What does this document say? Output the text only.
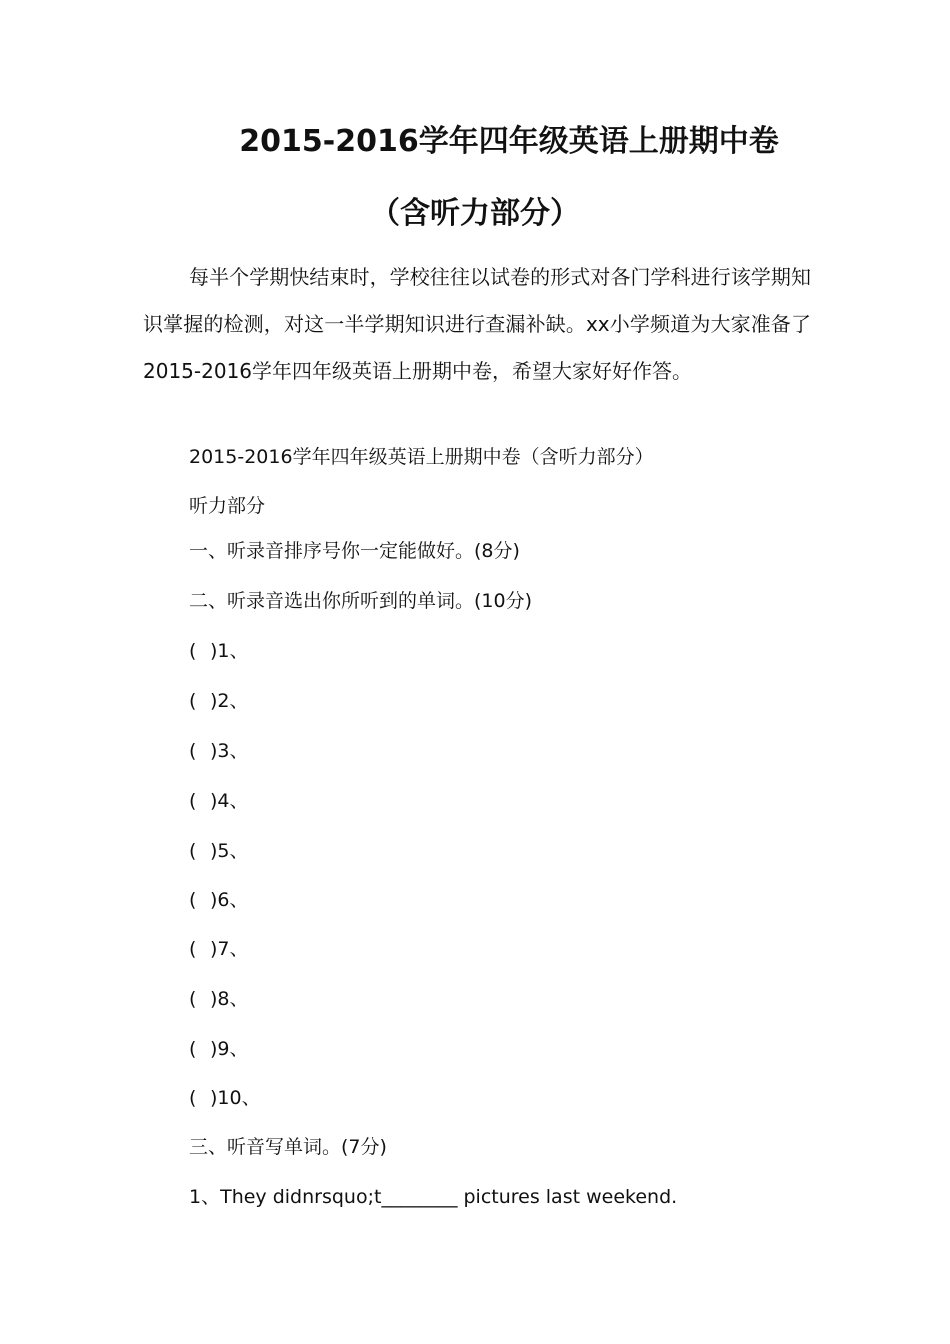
2015-2016学年四年级英语上册期中卷
（含听力部分）

每半个学期快结束时，学校往往以试卷的形式对各门学科进行该学期知识掌握的检测，对这一半学期知识进行查漏补缺。xx小学频道为大家准备了2015-2016学年四年级英语上册期中卷，希望大家好好作答。

2015-2016学年四年级英语上册期中卷（含听力部分）

听力部分

一、听录音排序号你一定能做好。(8分)

二、听录音选出你所听到的单词。(10分)

( )1、

( )2、

( )3、

( )4、

( )5、

( )6、

( )7、

( )8、

( )9、

( )10、

三、听音写单词。(7分)

1、They didnrsquo;t________ pictures last weekend.
